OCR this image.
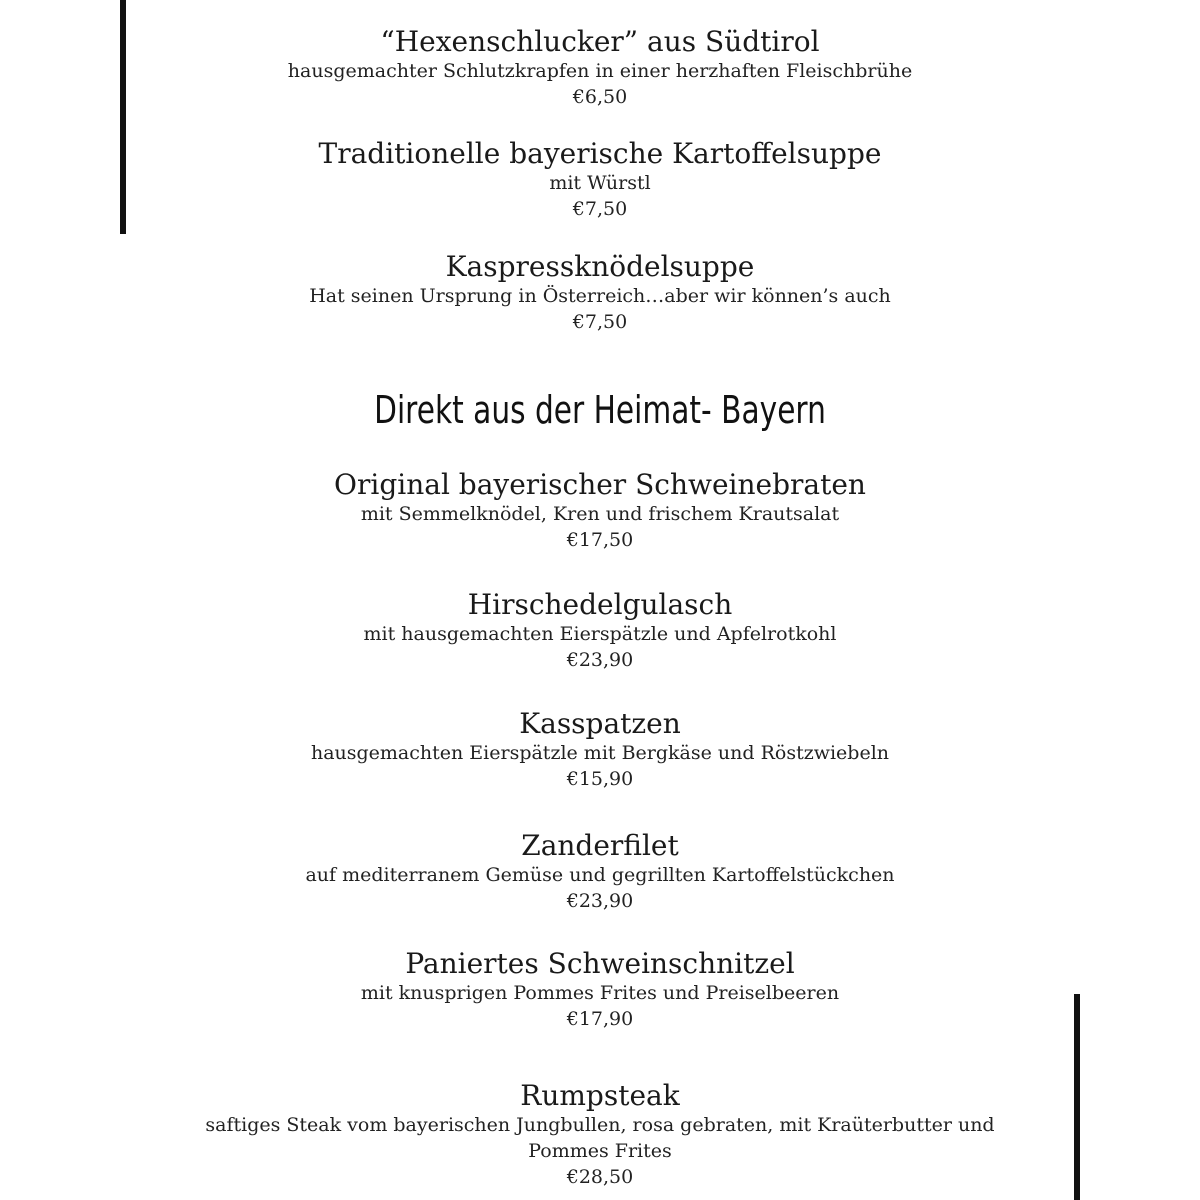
“Hexenschlucker” aus Südtirol
hausgemachter Schlutzkrapfen in einer herzhaften Fleischbrühe
€6,50
Traditionelle bayerische Kartoffelsuppe
mit Würstl
€7,50
Kaspressknödelsuppe
Hat seinen Ursprung in Österreich…aber wir können’s auch
€7,50
Direkt aus der Heimat- Bayern
Original bayerischer Schweinebraten
mit Semmelknödel, Kren und frischem Krautsalat
€17,50
Hirschedelgulasch
mit hausgemachten Eierspätzle und Apfelrotkohl
€23,90
Kasspatzen
hausgemachten Eierspätzle mit Bergkäse und Röstzwiebeln
€15,90
Zanderfilet
auf mediterranem Gemüse und gegrillten Kartoffelstückchen
€23,90
Paniertes Schweinschnitzel
mit knusprigen Pommes Frites und Preiselbeeren
€17,90
Rumpsteak
saftiges Steak vom bayerischen Jungbullen, rosa gebraten, mit Kraüterbutter und Pommes Frites
€28,50
